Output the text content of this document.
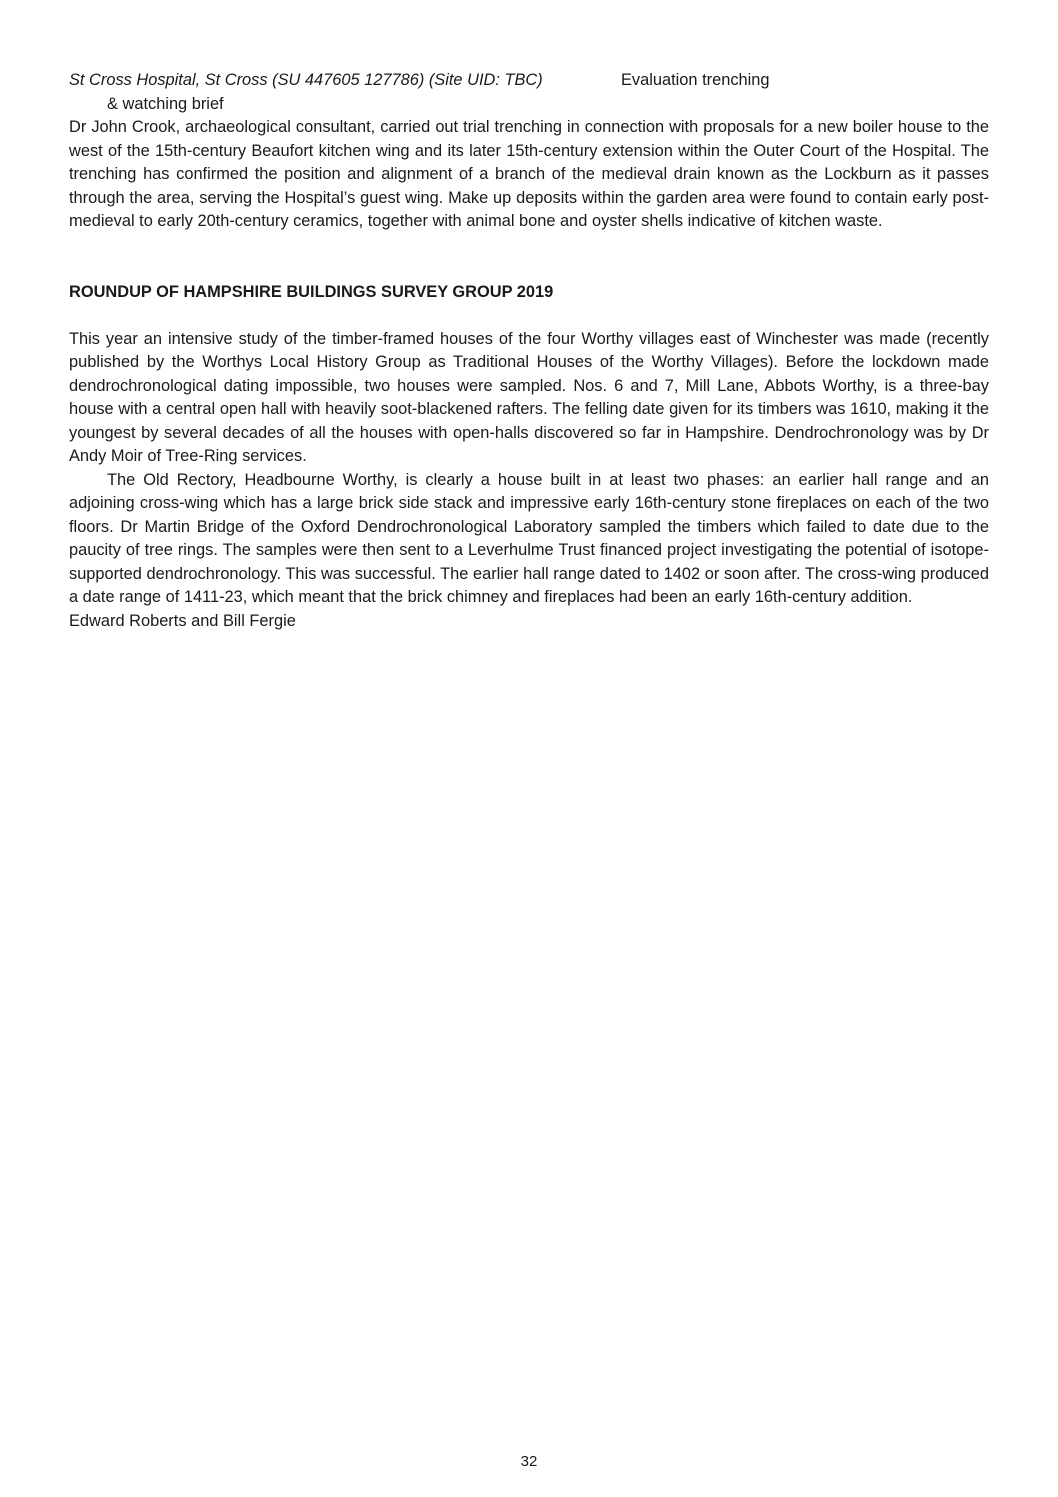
St Cross Hospital, St Cross (SU 447605 127786) (Site UID: TBC)	Evaluation trenching
& watching brief

Dr John Crook, archaeological consultant, carried out trial trenching in connection with proposals for a new boiler house to the west of the 15th-century Beaufort kitchen wing and its later 15th-century extension within the Outer Court of the Hospital. The trenching has confirmed the position and alignment of a branch of the medieval drain known as the Lockburn as it passes through the area, serving the Hospital’s guest wing. Make up deposits within the garden area were found to contain early post-medieval to early 20th-century ceramics, together with animal bone and oyster shells indicative of kitchen waste.

ROUNDUP OF HAMPSHIRE BUILDINGS SURVEY GROUP 2019

This year an intensive study of the timber-framed houses of the four Worthy villages east of Winchester was made (recently published by the Worthys Local History Group as Traditional Houses of the Worthy Villages). Before the lockdown made dendrochronological dating impossible, two houses were sampled. Nos. 6 and 7, Mill Lane, Abbots Worthy, is a three-bay house with a central open hall with heavily soot-blackened rafters. The felling date given for its timbers was 1610, making it the youngest by several decades of all the houses with open-halls discovered so far in Hampshire. Dendrochronology was by Dr Andy Moir of Tree-Ring services.

The Old Rectory, Headbourne Worthy, is clearly a house built in at least two phases: an earlier hall range and an adjoining cross-wing which has a large brick side stack and impressive early 16th-century stone fireplaces on each of the two floors. Dr Martin Bridge of the Oxford Dendrochronological Laboratory sampled the timbers which failed to date due to the paucity of tree rings. The samples were then sent to a Leverhulme Trust financed project investigating the potential of isotope-supported dendrochronology. This was successful. The earlier hall range dated to 1402 or soon after. The cross-wing produced a date range of 1411-23, which meant that the brick chimney and fireplaces had been an early 16th-century addition.

Edward Roberts and Bill Fergie
32
